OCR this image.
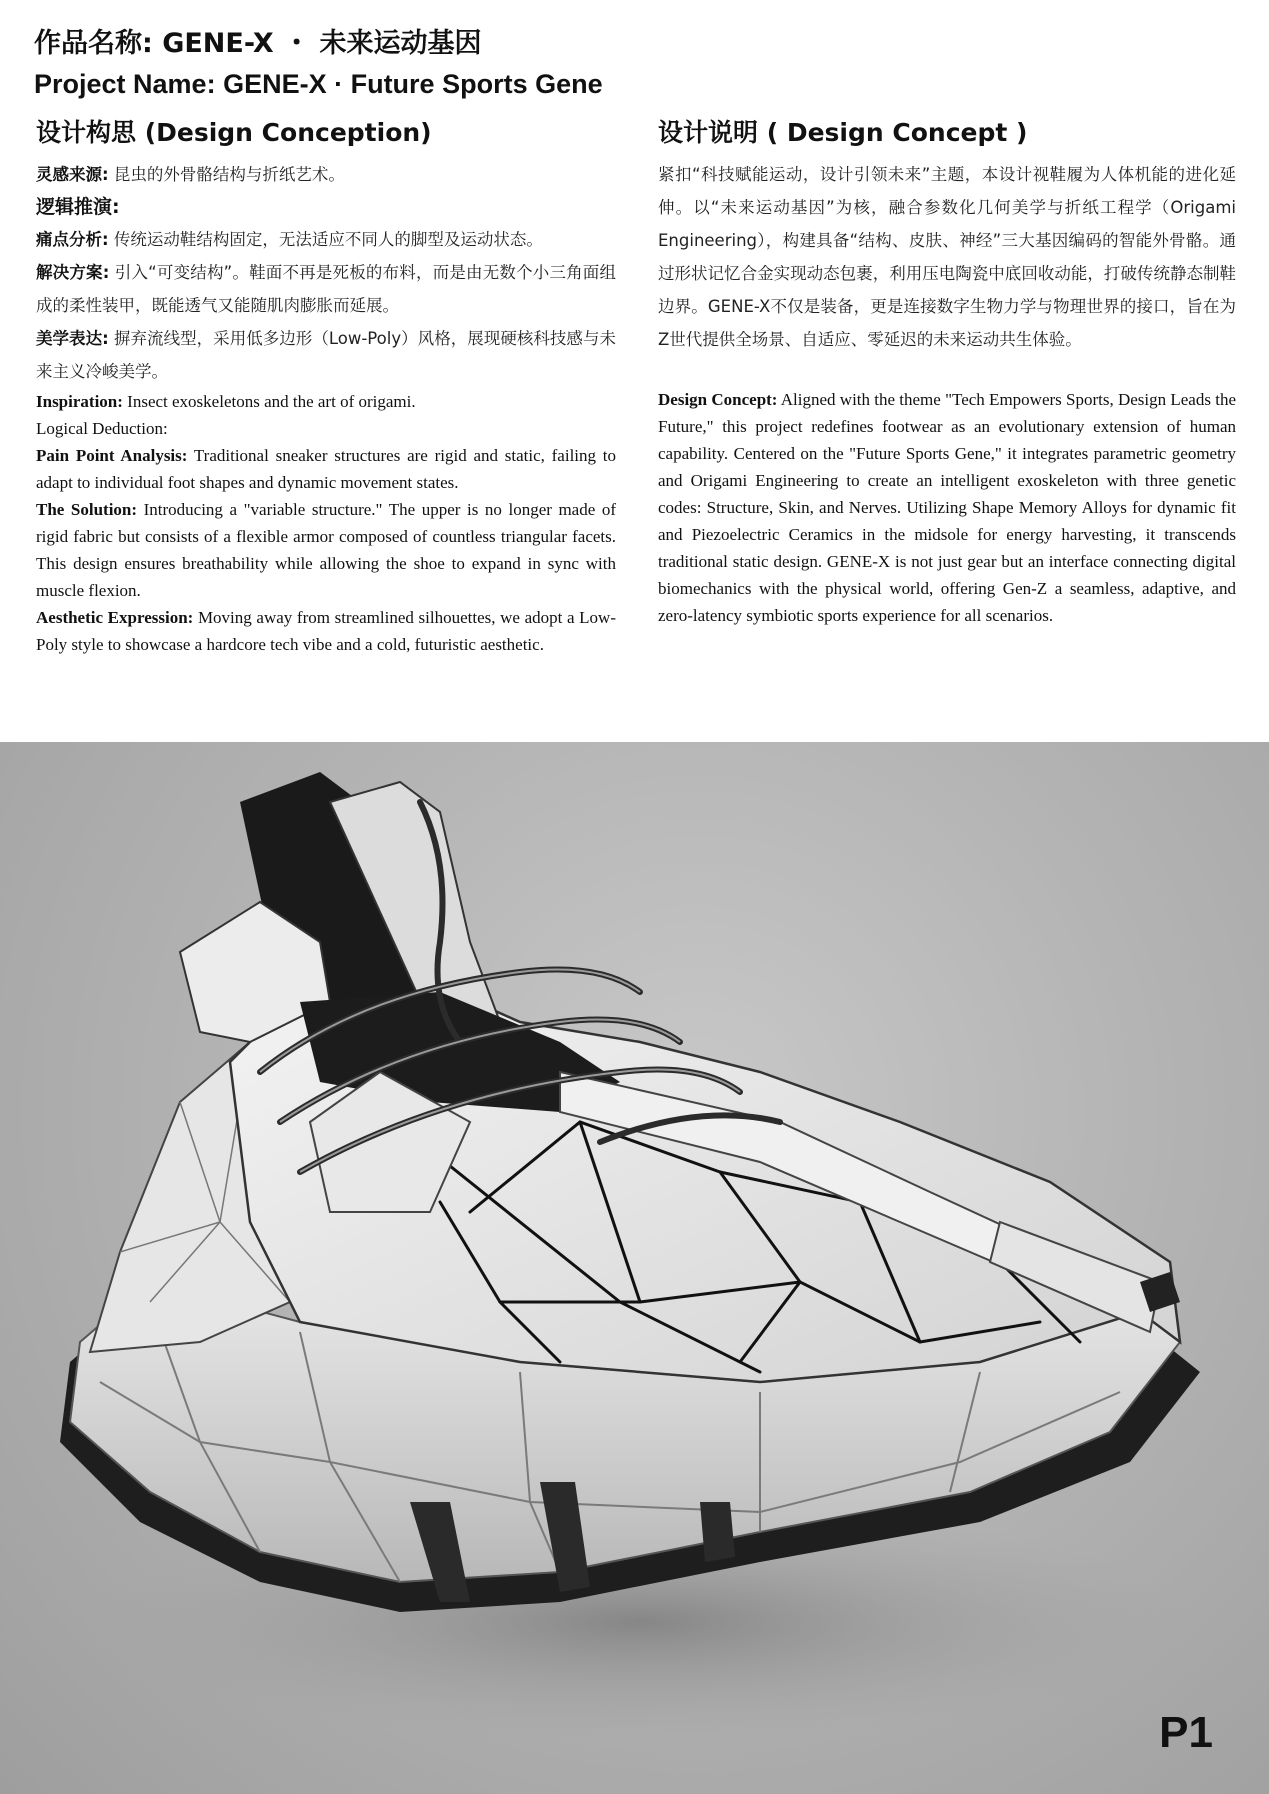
作品名称: GENE-X ・ 未来运动基因

Project Name: GENE-X · Future Sports Gene

设计构思 (Design Conception)

灵感来源: 昆虫的外骨骼结构与折纸艺术。

逻辑推演:

痛点分析: 传统运动鞋结构固定，无法适应不同人的脚型及运动状态。

解决方案: 引入“可变结构”。鞋面不再是死板的布料，而是由无数个小三角面组成的柔性装甲，既能透气又能随肌肉膨胀而延展。

美学表达: 摒弃流线型，采用低多边形（Low-Poly）风格，展现硬核科技感与未来主义冷峻美学。

Inspiration: Insect exoskeletons and the art of origami.

Logical Deduction:

Pain Point Analysis: Traditional sneaker structures are rigid and static, failing to adapt to individual foot shapes and dynamic movement states.

The Solution: Introducing a "variable structure." The upper is no longer made of rigid fabric but consists of a flexible armor composed of countless triangular facets. This design ensures breathability while allowing the shoe to expand in sync with muscle flexion.

Aesthetic Expression: Moving away from streamlined silhouettes, we adopt a Low-Poly style to showcase a hardcore tech vibe and a cold, futuristic aesthetic.

设计说明 ( Design Concept )

紧扣“科技赋能运动，设计引领未来”主题，本设计视鞋履为人体机能的进化延伸。以“未来运动基因”为核，融合参数化几何美学与折纸工程学（Origami Engineering），构建具备“结构、皮肤、神经”三大基因编码的智能外骨骼。通过形状记忆合金实现动态包裹，利用压电陶瓷中底回收动能，打破传统静态制鞋边界。GENE-X不仅是装备，更是连接数字生物力学与物理世界的接口，旨在为Z世代提供全场景、自适应、零延迟的未来运动共生体验。

Design Concept: Aligned with the theme "Tech Empowers Sports, Design Leads the Future," this project redefines footwear as an evolutionary extension of human capability. Centered on the "Future Sports Gene," it integrates parametric geometry and Origami Engineering to create an intelligent exoskeleton with three genetic codes: Structure, Skin, and Nerves. Utilizing Shape Memory Alloys for dynamic fit and Piezoelectric Ceramics in the midsole for energy harvesting, it transcends traditional static design. GENE-X is not just gear but an interface connecting digital biomechanics with the physical world, offering Gen-Z a seamless, adaptive, and zero-latency symbiotic sports experience for all scenarios.

P1
